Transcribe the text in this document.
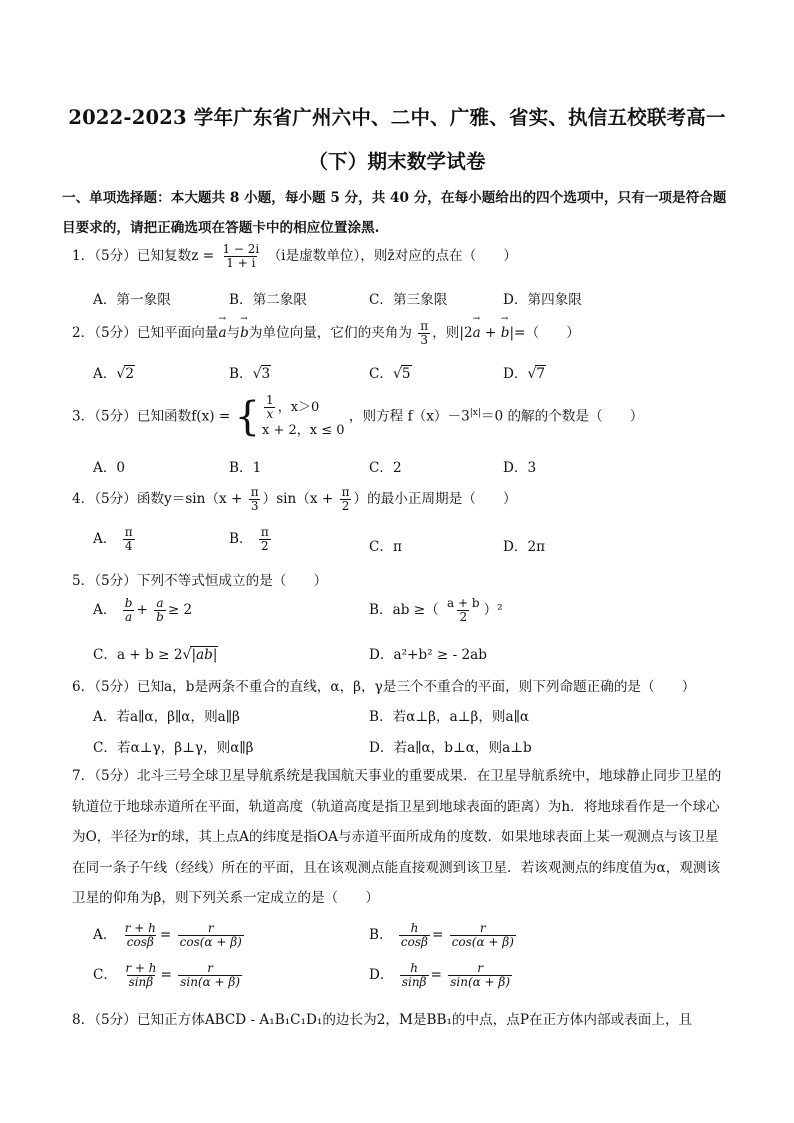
2022-2023 学年广东省广州六中、二中、广雅、省实、执信五校联考高一
（下）期末数学试卷
一、单项选择题：本大题共 8 小题，每小题 5 分，共 40 分，在每小题给出的四个选项中，只有一项是符合题目要求的，请把正确选项在答题卡中的相应位置涂黑.
1．（5分）已知复数$z = \frac{1 - 2i}{1 + i} (i$是虚数单位），则z̄对应的点在（　　）
A．第一象限	B．第二象限	C．第三象限	D．第四象限
2．（5分）已知平面向量→ a与→ b为单位向量，它们的夹角为 $\frac{\pi}{3}$ ，则|2→ a + → b|=（　　）
A．√2	B．√3	C．√5	D．√7
3．（5分）已知函数f(x) = { $\frac{1}{x}$ ，x＞0
x + 2，x ≤ 0
，则方程 $f(x)-3^{|x|}=0$ 的解的个数是（　　）
A．0	B．1	C．2	D．3
4．（5分）函数$y=\sin(x + \frac{\pi}{3} )\sin(x + \frac{\pi}{2}$ ）的最小正周期是（　　）
A． $\frac{\pi}{4}$	B． $\frac{\pi}{2}$	C．π	D．2π
5．（5分）下列不等式恒成立的是（　　）
A． $\frac{b}{a} + \frac{a}{b} \ge 2$	B．ab ≥（ $\frac{a + b}{2} )^2$
C．a + b ≥ 2√|ab|	D．a²+b² ≥ - 2ab
6．（5分）已知a，b是两条不重合的直线，α，β，γ是三个不重合的平面，则下列命题正确的是（　　）
A．若a∥α，β∥α，则a∥β	B．若α⊥β，a⊥β，则a∥α
C．若α⊥γ，β⊥γ，则α∥β	D．若a∥α，b⊥α，则a⊥b
7．（5分）北斗三号全球卫星导航系统是我国航天事业的重要成果．在卫星导航系统中，地球静止同步卫星的轨道位于地球赤道所在平面，轨道高度（轨道高度是指卫星到地球表面的距离）为h．将地球看作是一个球心为O，半径为r的球，其上点A的纬度是指OA与赤道平面所成角的度数．如果地球表面上某一观测点与该卫星在同一条子午线（经线）所在的平面，且在该观测点能直接观测到该卫星．若该观测点的纬度值为α，观测该卫星的仰角为β，则下列关系一定成立的是（　　）
A． $\frac{r + h}{\cos\beta} = \frac{r}{\cos(\alpha + \beta)}$	B． $\frac{h}{\cos\beta} = \frac{r}{\cos(\alpha + \beta)}$
C． $\frac{r + h}{\sin\beta} = \frac{r}{\sin(\alpha + \beta)}$	D． $\frac{h}{\sin\beta} = \frac{r}{\sin(\alpha + \beta)}$
8．（5分）已知正方体ABCD - A₁B₁C₁D₁的边长为2，M是BB₁的中点，点P在正方体内部或表面上，且
